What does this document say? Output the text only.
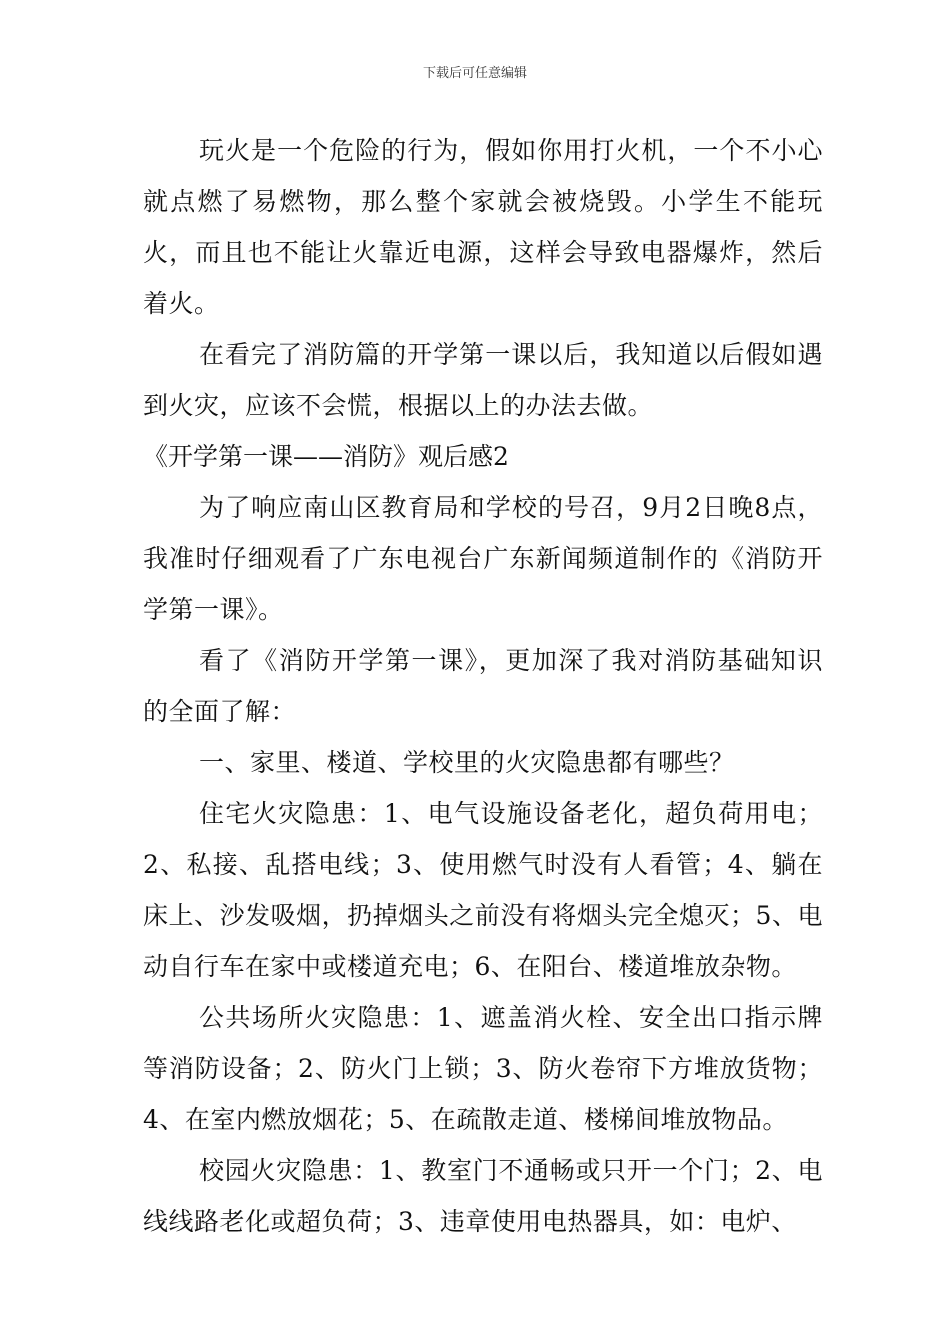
下载后可任意编辑

玩火是一个危险的行为，假如你用打火机，一个不小心就点燃了易燃物，那么整个家就会被烧毁。小学生不能玩火，而且也不能让火靠近电源，这样会导致电器爆炸，然后着火。

在看完了消防篇的开学第一课以后，我知道以后假如遇到火灾，应该不会慌，根据以上的办法去做。

《开学第一课——消防》观后感2

为了响应南山区教育局和学校的号召，9月2日晚8点，我准时仔细观看了广东电视台广东新闻频道制作的《消防开学第一课》。

看了《消防开学第一课》，更加深了我对消防基础知识的全面了解：

一、家里、楼道、学校里的火灾隐患都有哪些？

住宅火灾隐患：1、电气设施设备老化，超负荷用电；2、私接、乱搭电线；3、使用燃气时没有人看管；4、躺在床上、沙发吸烟，扔掉烟头之前没有将烟头完全熄灭；5、电动自行车在家中或楼道充电；6、在阳台、楼道堆放杂物。

公共场所火灾隐患：1、遮盖消火栓、安全出口指示牌等消防设备；2、防火门上锁；3、防火卷帘下方堆放货物；4、在室内燃放烟花；5、在疏散走道、楼梯间堆放物品。

校园火灾隐患：1、教室门不通畅或只开一个门；2、电线线路老化或超负荷；3、违章使用电热器具，如：电炉、
